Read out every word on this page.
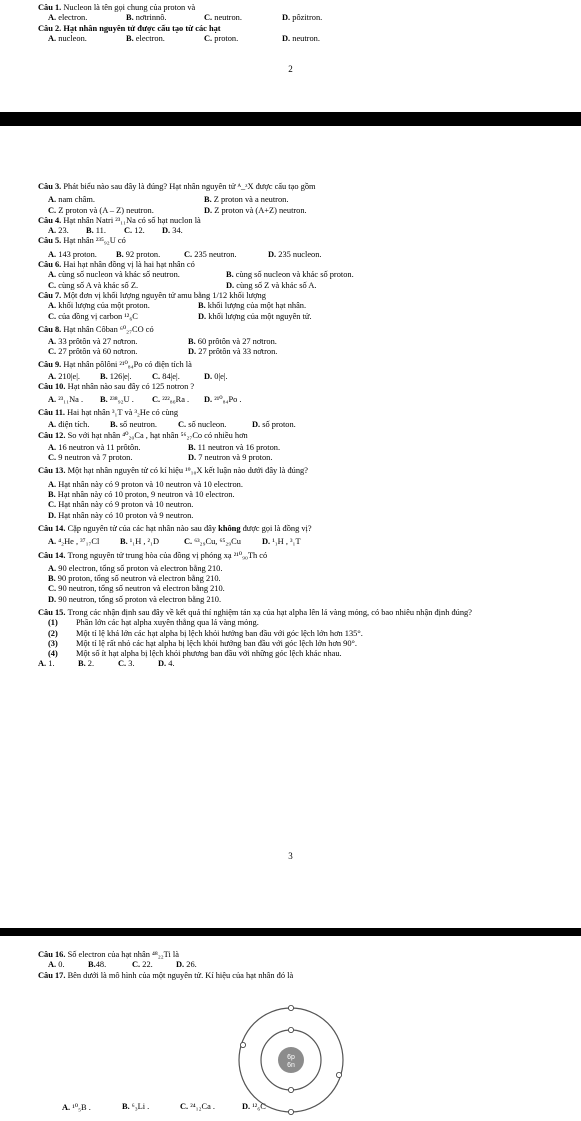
Câu 1. Nucleon là tên gọi chung của proton và

A. electron.	B. nơtrinnô.	C. neutron.	D. pôzitron.

Câu 2. Hạt nhân nguyên tử được cấu tạo từ các hạt

A. nucleon.	B. electron.	C. proton.	D. neutron.
2

Câu 3. Phát biểu nào sau đây là đúng? Hạt nhân nguyên tử ᴬ_ᶻX được cấu tạo gồm

A. nam châm.	B. Z proton và a neutron.
C. Z proton và (A – Z) neutron.	D. Z proton và (A+Z) neutron.

Câu 4. Hạt nhân Natri ²³₁₁Na có số hạt nuclon là

A. 23.	B. 11.	C. 12.	D. 34.

Câu 5. Hạt nhân ²³⁵₉₂U có

A. 143 proton.	B. 92 proton.	C. 235 neutron.	D. 235 nucleon.

Câu 6. Hai hạt nhân đồng vị là hai hạt nhân có

A. cùng số nucleon và khác số neutron.	B. cùng số nucleon và khác số proton.
C. cùng số A và khác số Z.	D. cùng số Z và khác số A.

Câu 7. Một đơn vị khối lượng nguyên tử amu bằng 1/12 khối lượng

A. khối lượng của một proton.	B. khối lượng của một hạt nhân.
C. của đồng vị carbon ¹²₆C	D. khối lượng của một nguyên tử.

Câu 8. Hạt nhân Côban ⁶⁰₂₇CO có

A. 33 prôtôn và 27 nơtron.	B. 60 prôtôn và 27 nơtron.
C. 27 prôtôn và 60 nơtron.	D. 27 prôtôn và 33 nơtron.

Câu 9. Hạt nhân pôlôni ²¹⁰₈₄Po có điện tích là

A. 210|e|.	B. 126|e|.	C. 84|e|.	D. 0|e|.

Câu 10. Hạt nhân nào sau đây có 125 notron ?

A. ²³₁₁Na .	B. ²³⁸₉₂U .	C. ²²²₈₆Ra .	D. ²¹⁰₈₄Po .

Câu 11. Hai hạt nhân ³₁T và ³₂He có cùng

A. điện tích.	B. số neutron.	C. số nucleon.	D. số proton.

Câu 12. So với hạt nhân ⁴⁰₂₀Ca , hạt nhân ⁵⁶₂₇Co có nhiều hơn

A. 16 neutron và 11 prôtôn.	B. 11 neutron và 16 proton.
C. 9 neutron và 7 proton.	D. 7 neutron và 9 proton.

Câu 13. Một hạt nhân nguyên tử có kí hiệu ¹⁹₁₀X kết luận nào dưới đây là đúng?

A. Hạt nhân này có 9 proton và 10 neutron và 10 electron.
B. Hạt nhân này có 10 proton, 9 neutron và 10 electron.
C. Hạt nhân này có 9 proton và 10 neutron.
D. Hạt nhân này có 10 proton và 9 neutron.

Câu 14. Cặp nguyên tử của các hạt nhân nào sau đây không được gọi là đồng vị?

A. ⁴₂He , ³⁷₁₇Cl	B. ¹₁H , ²₁D	C. ⁶³₂₉Cu, ⁶⁵₂₉Cu	D. ¹₁H , ³₁T

Câu 14. Trong nguyên tử trung hòa của đồng vị phóng xạ ²¹⁰₉₀Th có

A. 90 electron, tổng số proton và electron bằng 210.
B. 90 proton, tổng số neutron và electron bằng 210.
C. 90 neutron, tổng số neutron và electron bằng 210.
D. 90 neutron, tổng số proton và electron bằng 210.

Câu 15. Trong các nhận định sau đây về kết quả thí nghiệm tán xạ của hạt alpha lên lá vàng mỏng, có bao nhiêu nhận định đúng?

(1)	Phần lớn các hạt alpha xuyên thẳng qua lá vàng mỏng.
(2)	Một tỉ lệ khá lớn các hạt alpha bị lệch khỏi hướng ban đầu với góc lệch lớn hơn 135°.
(3)	Một tỉ lệ rất nhỏ các hạt alpha bị lệch khỏi hướng ban đầu với góc lệch lớn hơn 90°.
(4)	Một số ít hạt alpha bị lệch khỏi phương ban đầu với những góc lệch khác nhau.
A. 1.	B. 2.	C. 3.	D. 4.
3

Câu 16. Số electron của hạt nhân ⁴⁸₂₂Ti là

A. 0.	B.48.	C. 22.	D. 26.

Câu 17. Bên dưới là mô hình của một nguyên tử. Kí hiệu của hạt nhân đó là

6p
6n
A. ¹⁰₅B .	B. ⁶₃Li .	C. ²⁴₁₂Ca .	D. ¹²₆C
